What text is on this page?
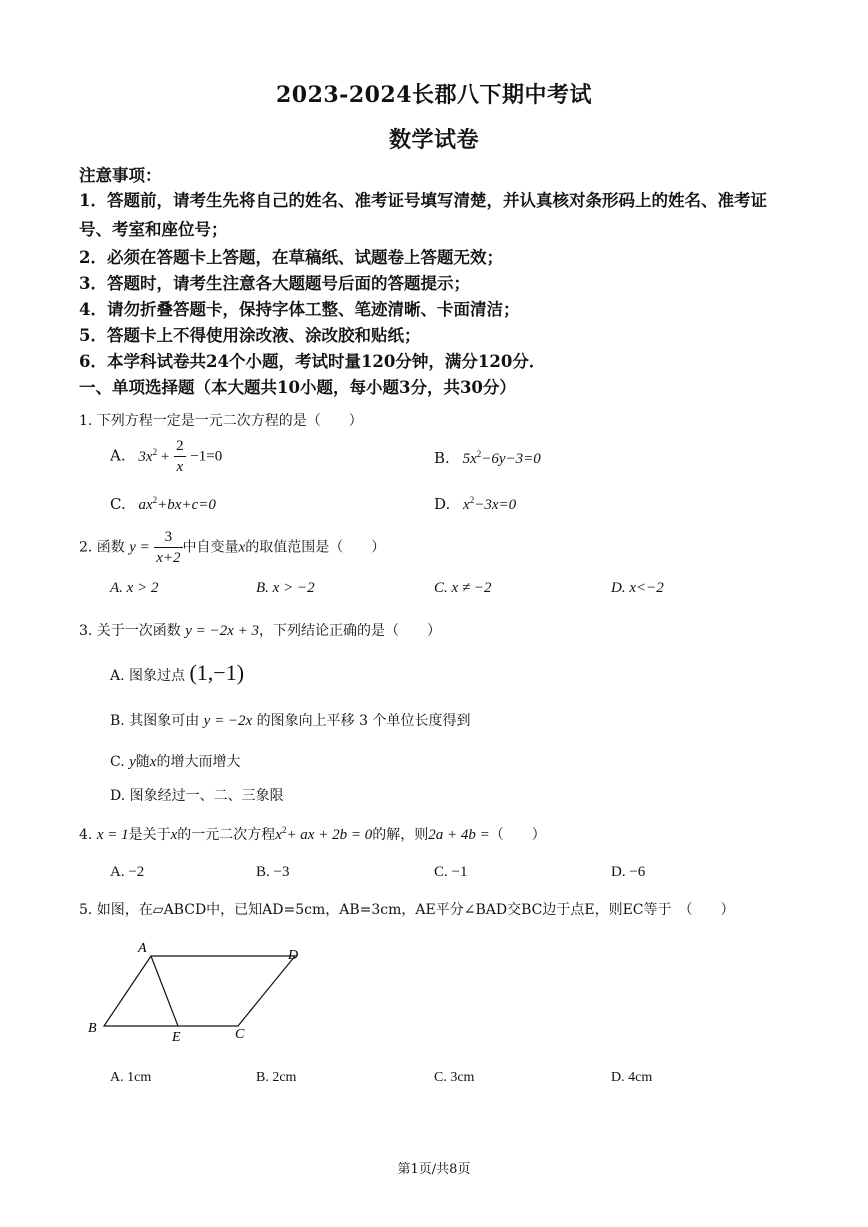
2023-2024长郡八下期中考试
数学试卷
注意事项：
1．答题前，请考生先将自己的姓名、准考证号填写清楚，并认真核对条形码上的姓名、准考证号、考室和座位号；
2．必须在答题卡上答题，在草稿纸、试题卷上答题无效；
3．答题时，请考生注意各大题题号后面的答题提示；
4．请勿折叠答题卡，保持字体工整、笔迹清晰、卡面清洁；
5．答题卡上不得使用涂改液、涂改胶和贴纸；
6．本学科试卷共24个小题，考试时量120分钟，满分120分．
一、单项选择题（本大题共10小题，每小题3分，共30分）
1. 下列方程一定是一元二次方程的是（　　）
A. $3x^2 + \frac{2}{x} -1=0$	B. $5x^2-6y-3=0$
C. $ax^2+bx+c=0$	D. $x^2-3x=0$
2. 函数 $y = \frac{3}{x+2}$ 中自变量x的取值范围是（　　）
A. x > 2	B. x > −2	C. x ≠ −2	D. x<−2
3. 关于一次函数 y = −2x + 3，下列结论正确的是（　　）
A. 图象过点 (1,−1)
B. 其图象可由 y = −2x 的图象向上平移 3 个单位长度得到
C. y随x的增大而增大
D. 图象经过一、二、三象限
4. x = 1是关于x的一元二次方程$x^2+$ ax + 2b = 0的解，则2a + 4b =（　　）
A. −2	B. −3	C. −1	D. −6
5. 如图，在▱ABCD中，已知AD=5cm，AB=3cm，AE平分∠BAD交BC边于点E，则EC等于　（　　）
A	D
B
E	C
A. 1cm	B. 2cm	C. 3cm	D. 4cm
第1页/共8页
